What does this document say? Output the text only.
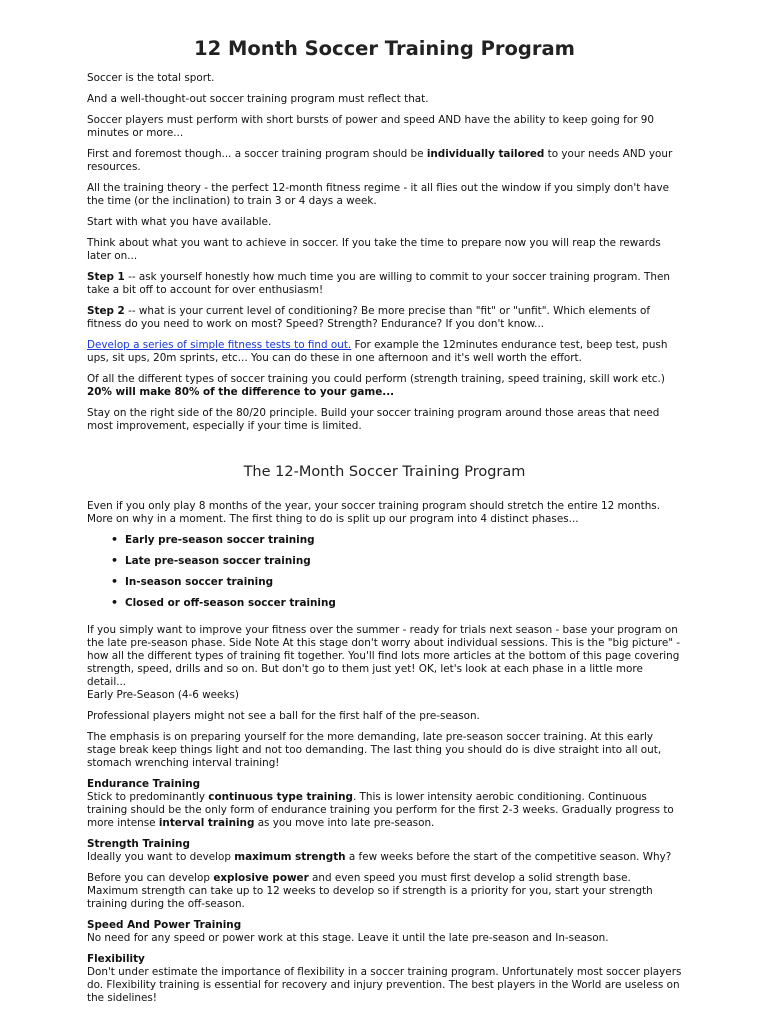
12 Month Soccer Training Program

Soccer is the total sport.

And a well-thought-out soccer training program must reflect that.

Soccer players must perform with short bursts of power and speed AND have the ability to keep going for 90 minutes or more...

First and foremost though... a soccer training program should be individually tailored to your needs AND your resources.

All the training theory - the perfect 12-month fitness regime - it all flies out the window if you simply don't have the time (or the inclination) to train 3 or 4 days a week.

Start with what you have available.

Think about what you want to achieve in soccer. If you take the time to prepare now you will reap the rewards later on...

Step 1 -- ask yourself honestly how much time you are willing to commit to your soccer training program. Then take a bit off to account for over enthusiasm!

Step 2 -- what is your current level of conditioning? Be more precise than "fit" or "unfit". Which elements of fitness do you need to work on most? Speed? Strength? Endurance? If you don't know...

Develop a series of simple fitness tests to find out. For example the 12minutes endurance test, beep test, push ups, sit ups, 20m sprints, etc... You can do these in one afternoon and it's well worth the effort.

Of all the different types of soccer training you could perform (strength training, speed training, skill work etc.) 20% will make 80% of the difference to your game...

Stay on the right side of the 80/20 principle. Build your soccer training program around those areas that need most improvement, especially if your time is limited.

The 12-Month Soccer Training Program

Even if you only play 8 months of the year, your soccer training program should stretch the entire 12 months. More on why in a moment. The first thing to do is split up our program into 4 distinct phases...

• Early pre-season soccer training
• Late pre-season soccer training
• In-season soccer training
• Closed or off-season soccer training

If you simply want to improve your fitness over the summer - ready for trials next season - base your program on the late pre-season phase. Side Note At this stage don't worry about individual sessions. This is the "big picture" - how all the different types of training fit together. You'll find lots more articles at the bottom of this page covering strength, speed, drills and so on. But don't go to them just yet! OK, let's look at each phase in a little more detail...
Early Pre-Season (4-6 weeks)

Professional players might not see a ball for the first half of the pre-season.

The emphasis is on preparing yourself for the more demanding, late pre-season soccer training. At this early stage break keep things light and not too demanding. The last thing you should do is dive straight into all out, stomach wrenching interval training!

Endurance Training
Stick to predominantly continuous type training. This is lower intensity aerobic conditioning. Continuous training should be the only form of endurance training you perform for the first 2-3 weeks. Gradually progress to more intense interval training as you move into late pre-season.
Strength Training
Ideally you want to develop maximum strength a few weeks before the start of the competitive season. Why?

Before you can develop explosive power and even speed you must first develop a solid strength base. Maximum strength can take up to 12 weeks to develop so if strength is a priority for you, start your strength training during the off-season.

Speed And Power Training
No need for any speed or power work at this stage. Leave it until the late pre-season and In-season.
Flexibility
Don't under estimate the importance of flexibility in a soccer training program. Unfortunately most soccer players do. Flexibility training is essential for recovery and injury prevention. The best players in the World are useless on the sidelines!
